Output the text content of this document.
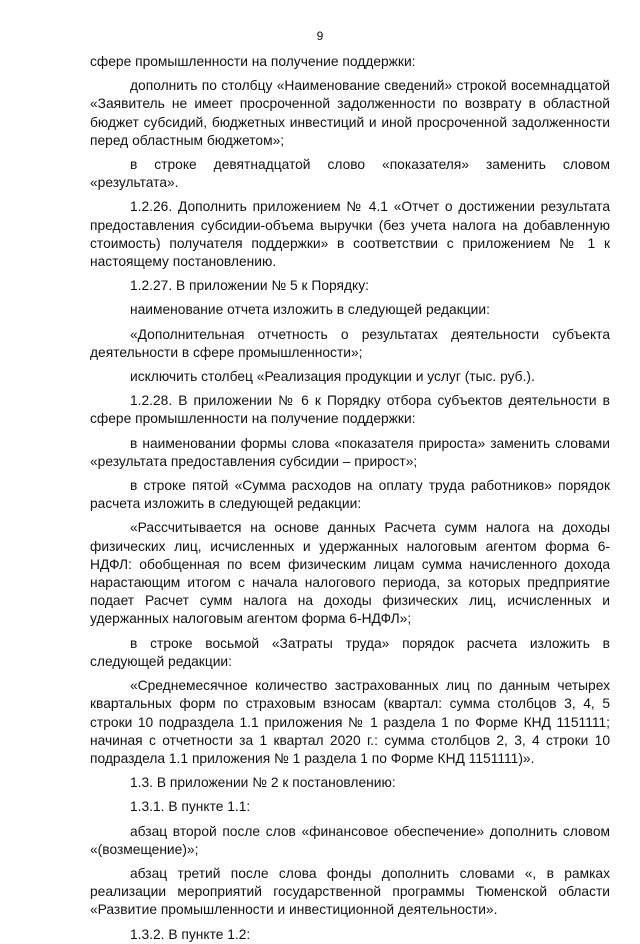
9

сфере промышленности на получение поддержки:

дополнить по столбцу «Наименование сведений» строкой восемнадцатой «Заявитель не имеет просроченной задолженности по возврату в областной бюджет субсидий, бюджетных инвестиций и иной просроченной задолженности перед областным бюджетом»;

в строке девятнадцатой слово «показателя» заменить словом «результата».

1.2.26. Дополнить приложением № 4.1 «Отчет о достижении результата предоставления субсидии-объема выручки (без учета налога на добавленную стоимость) получателя поддержки» в соответствии с приложением № 1 к настоящему постановлению.

1.2.27. В приложении № 5 к Порядку:

наименование отчета изложить в следующей редакции:

«Дополнительная отчетность о результатах деятельности субъекта деятельности в сфере промышленности»;

исключить столбец «Реализация продукции и услуг (тыс. руб.).

1.2.28. В приложении № 6 к Порядку отбора субъектов деятельности в сфере промышленности на получение поддержки:

в наименовании формы слова «показателя прироста» заменить словами «результата предоставления субсидии – прирост»;

в строке пятой «Сумма расходов на оплату труда работников» порядок расчета изложить в следующей редакции:

«Рассчитывается на основе данных Расчета сумм налога на доходы физических лиц, исчисленных и удержанных налоговым агентом форма 6-НДФЛ: обобщенная по всем физическим лицам сумма начисленного дохода нарастающим итогом с начала налогового периода, за которых предприятие подает Расчет сумм налога на доходы физических лиц, исчисленных и удержанных налоговым агентом форма 6-НДФЛ»;

в строке восьмой «Затраты труда» порядок расчета изложить в следующей редакции:

«Среднемесячное количество застрахованных лиц по данным четырех квартальных форм по страховым взносам (квартал: сумма столбцов 3, 4, 5 строки 10 подраздела 1.1 приложения № 1 раздела 1 по Форме КНД 1151111; начиная с отчетности за 1 квартал 2020 г.: сумма столбцов 2, 3, 4 строки 10 подраздела 1.1 приложения № 1 раздела 1 по Форме КНД 1151111)».

1.3. В приложении № 2 к постановлению:

1.3.1. В пункте 1.1:

абзац второй после слов «финансовое обеспечение» дополнить словом «(возмещение)»;

абзац третий после слова фонды дополнить словами «, в рамках реализации мероприятий государственной программы Тюменской области «Развитие промышленности и инвестиционной деятельности».

1.3.2. В пункте 1.2:
